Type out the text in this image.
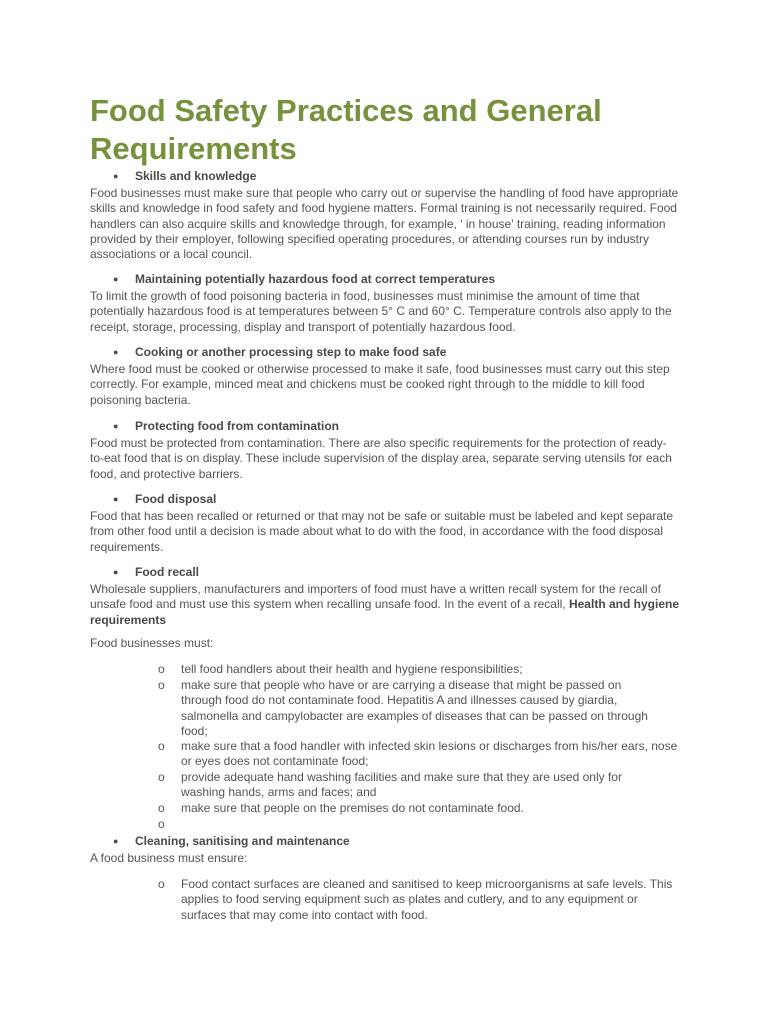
Food Safety Practices and General Requirements

● Skills and knowledge

Food businesses must make sure that people who carry out or supervise the handling of food have appropriate skills and knowledge in food safety and food hygiene matters. Formal training is not necessarily required. Food handlers can also acquire skills and knowledge through, for example, ' in house' training, reading information provided by their employer, following specified operating procedures, or attending courses run by industry associations or a local council.

● Maintaining potentially hazardous food at correct temperatures

To limit the growth of food poisoning bacteria in food, businesses must minimise the amount of time that potentially hazardous food is at temperatures between 5° C and 60° C. Temperature controls also apply to the receipt, storage, processing, display and transport of potentially hazardous food.

● Cooking or another processing step to make food safe

Where food must be cooked or otherwise processed to make it safe, food businesses must carry out this step correctly. For example, minced meat and chickens must be cooked right through to the middle to kill food poisoning bacteria.

● Protecting food from contamination

Food must be protected from contamination. There are also specific requirements for the protection of ready-to-eat food that is on display. These include supervision of the display area, separate serving utensils for each food, and protective barriers.

● Food disposal

Food that has been recalled or returned or that may not be safe or suitable must be labeled and kept separate from other food until a decision is made about what to do with the food, in accordance with the food disposal requirements.

● Food recall

Wholesale suppliers, manufacturers and importers of food must have a written recall system for the recall of unsafe food and must use this system when recalling unsafe food. In the event of a recall, Health and hygiene requirements

Food businesses must:

o tell food handlers about their health and hygiene responsibilities;

o make sure that people who have or are carrying a disease that might be passed on through food do not contaminate food. Hepatitis A and illnesses caused by giardia, salmonella and campylobacter are examples of diseases that can be passed on through food;

o make sure that a food handler with infected skin lesions or discharges from his/her ears, nose or eyes does not contaminate food;

o provide adequate hand washing facilities and make sure that they are used only for washing hands, arms and faces; and

o make sure that people on the premises do not contaminate food.

o

● Cleaning, sanitising and maintenance

A food business must ensure:

o Food contact surfaces are cleaned and sanitised to keep microorganisms at safe levels. This applies to food serving equipment such as plates and cutlery, and to any equipment or surfaces that may come into contact with food.
